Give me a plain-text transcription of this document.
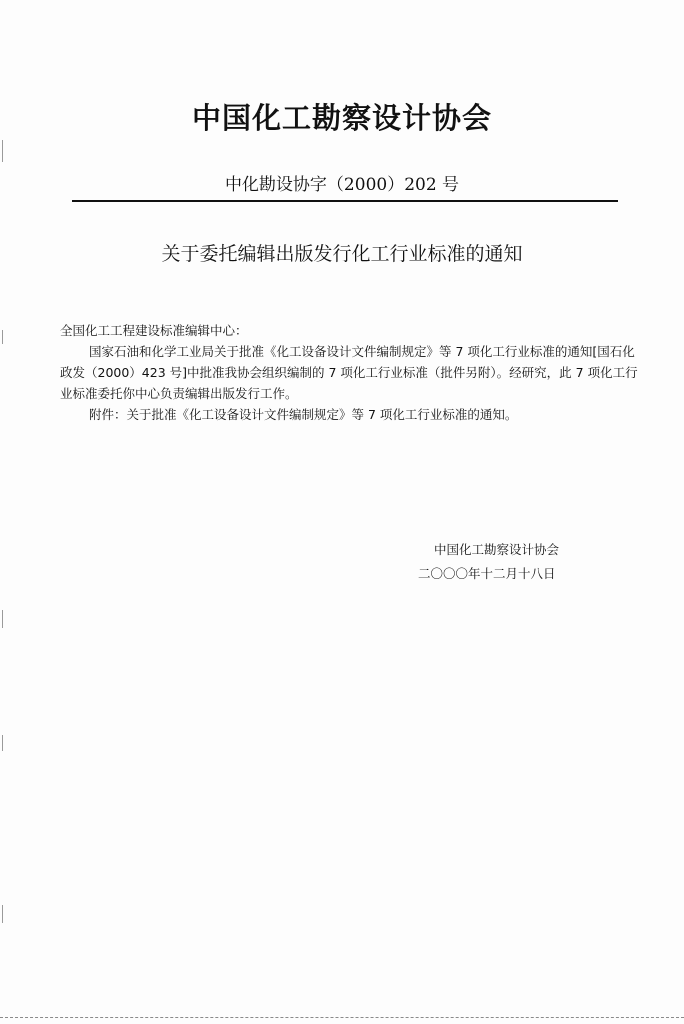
中国化工勘察设计协会
中化勘设协字（2000）202 号
关于委托编辑出版发行化工行业标准的通知

全国化工工程建设标准编辑中心：

国家石油和化学工业局关于批准《化工设备设计文件编制规定》等 7 项化工行业标准的通知[国石化政发（2000）423 号]中批准我协会组织编制的 7 项化工行业标准（批件另附）。经研究，此 7 项化工行业标准委托你中心负责编辑出版发行工作。

附件：关于批准《化工设备设计文件编制规定》等 7 项化工行业标准的通知。

中国化工勘察设计协会
二〇〇〇年十二月十八日
